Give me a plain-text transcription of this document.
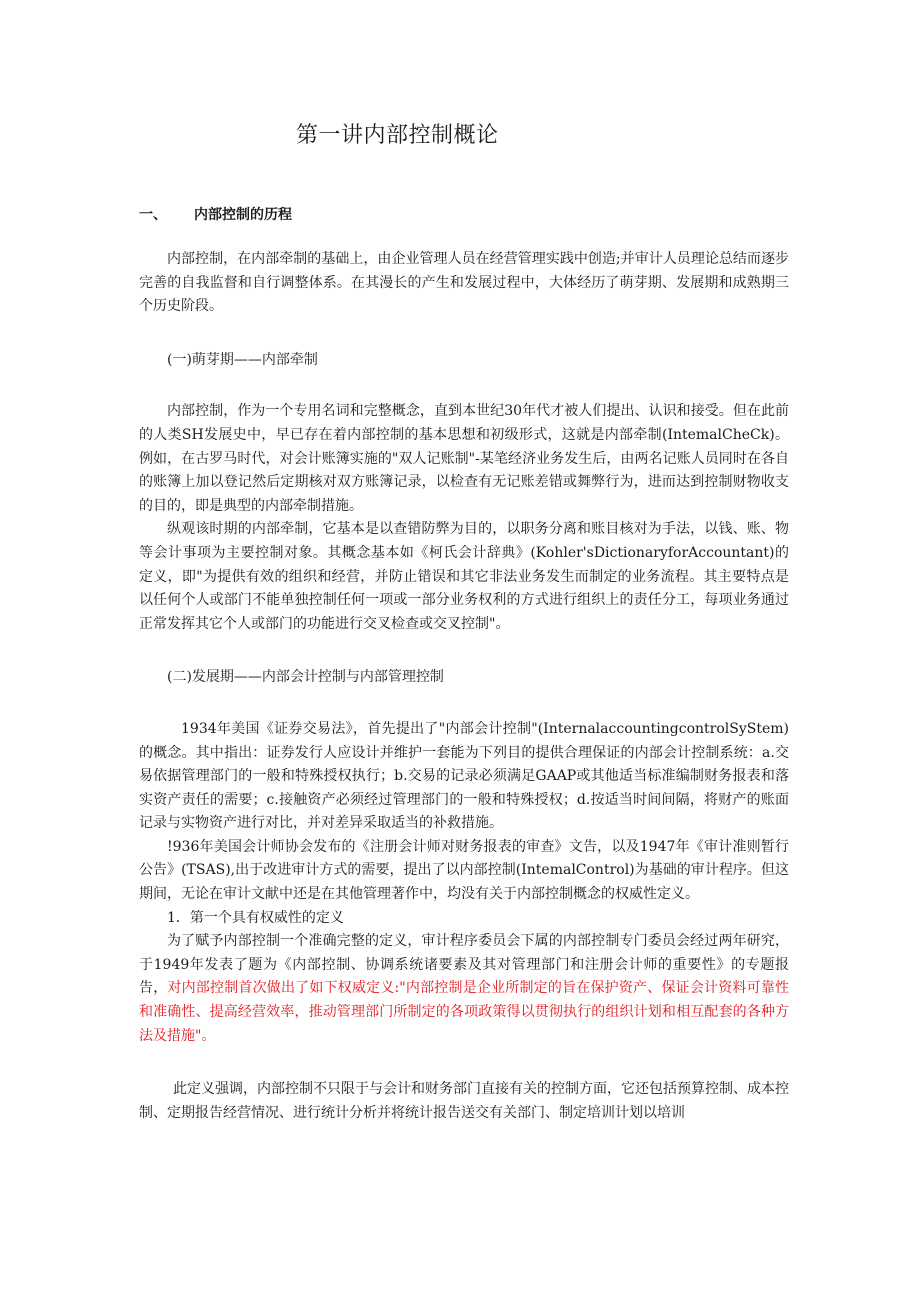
第一讲内部控制概论
一、 内部控制的历程

内部控制，在内部牵制的基础上，由企业管理人员在经营管理实践中创造;并审计人员理论总结而逐步完善的自我监督和自行调整体系。在其漫长的产生和发展过程中，大体经历了萌芽期、发展期和成熟期三个历史阶段。

(一)萌芽期——内部牵制

内部控制，作为一个专用名词和完整概念，直到本世纪30年代才被人们提出、认识和接受。但在此前的人类SH发展史中，早已存在着内部控制的基本思想和初级形式，这就是内部牵制(IntemalCheCk)。例如，在古罗马时代，对会计账簿实施的"双人记账制"-某笔经济业务发生后，由两名记账人员同时在各自的账簿上加以登记然后定期核对双方账簿记录，以检查有无记账差错或舞弊行为，进而达到控制财物收支的目的，即是典型的内部牵制措施。

纵观该时期的内部牵制，它基本是以查错防弊为目的，以职务分离和账目核对为手法，以钱、账、物等会计事项为主要控制对象。其概念基本如《柯氏会计辞典》(Kohler'sDictionaryforAccountant)的定义，即"为提供有效的组织和经营，并防止错误和其它非法业务发生而制定的业务流程。其主要特点是以任何个人或部门不能单独控制任何一项或一部分业务权利的方式进行组织上的责任分工，每项业务通过正常发挥其它个人或部门的功能进行交叉检查或交叉控制"。

(二)发展期——内部会计控制与内部管理控制

1934年美国《证券交易法》，首先提出了"内部会计控制"(InternalaccountingcontrolSyStem)的概念。其中指出：证券发行人应设计并维护一套能为下列目的提供合理保证的内部会计控制系统：a.交易依据管理部门的一般和特殊授权执行；b.交易的记录必须满足GAAP或其他适当标准编制财务报表和落实资产责任的需要；c.接触资产必须经过管理部门的一般和特殊授权；d.按适当时间间隔，将财产的账面记录与实物资产进行对比，并对差异采取适当的补救措施。

!936年美国会计师协会发布的《注册会计师对财务报表的审查》文告，以及1947年《审计准则暂行公告》(TSAS),出于改进审计方式的需要，提出了以内部控制(IntemalControl)为基础的审计程序。但这期间，无论在审计文献中还是在其他管理著作中，均没有关于内部控制概念的权威性定义。

1．第一个具有权威性的定义

为了赋予内部控制一个准确完整的定义，审计程序委员会下属的内部控制专门委员会经过两年研究，于1949年发表了题为《内部控制、协调系统诸要素及其对管理部门和注册会计师的重要性》的专题报告，对内部控制首次做出了如下权威定义:"内部控制是企业所制定的旨在保护资产、保证会计资料可靠性和准确性、提高经营效率，推动管理部门所制定的各项政策得以贯彻执行的组织计划和相互配套的各种方法及措施"。

此定义强调，内部控制不只限于与会计和财务部门直接有关的控制方面，它还包括预算控制、成本控制、定期报告经营情况、进行统计分析并将统计报告送交有关部门、制定培训计划以培训
